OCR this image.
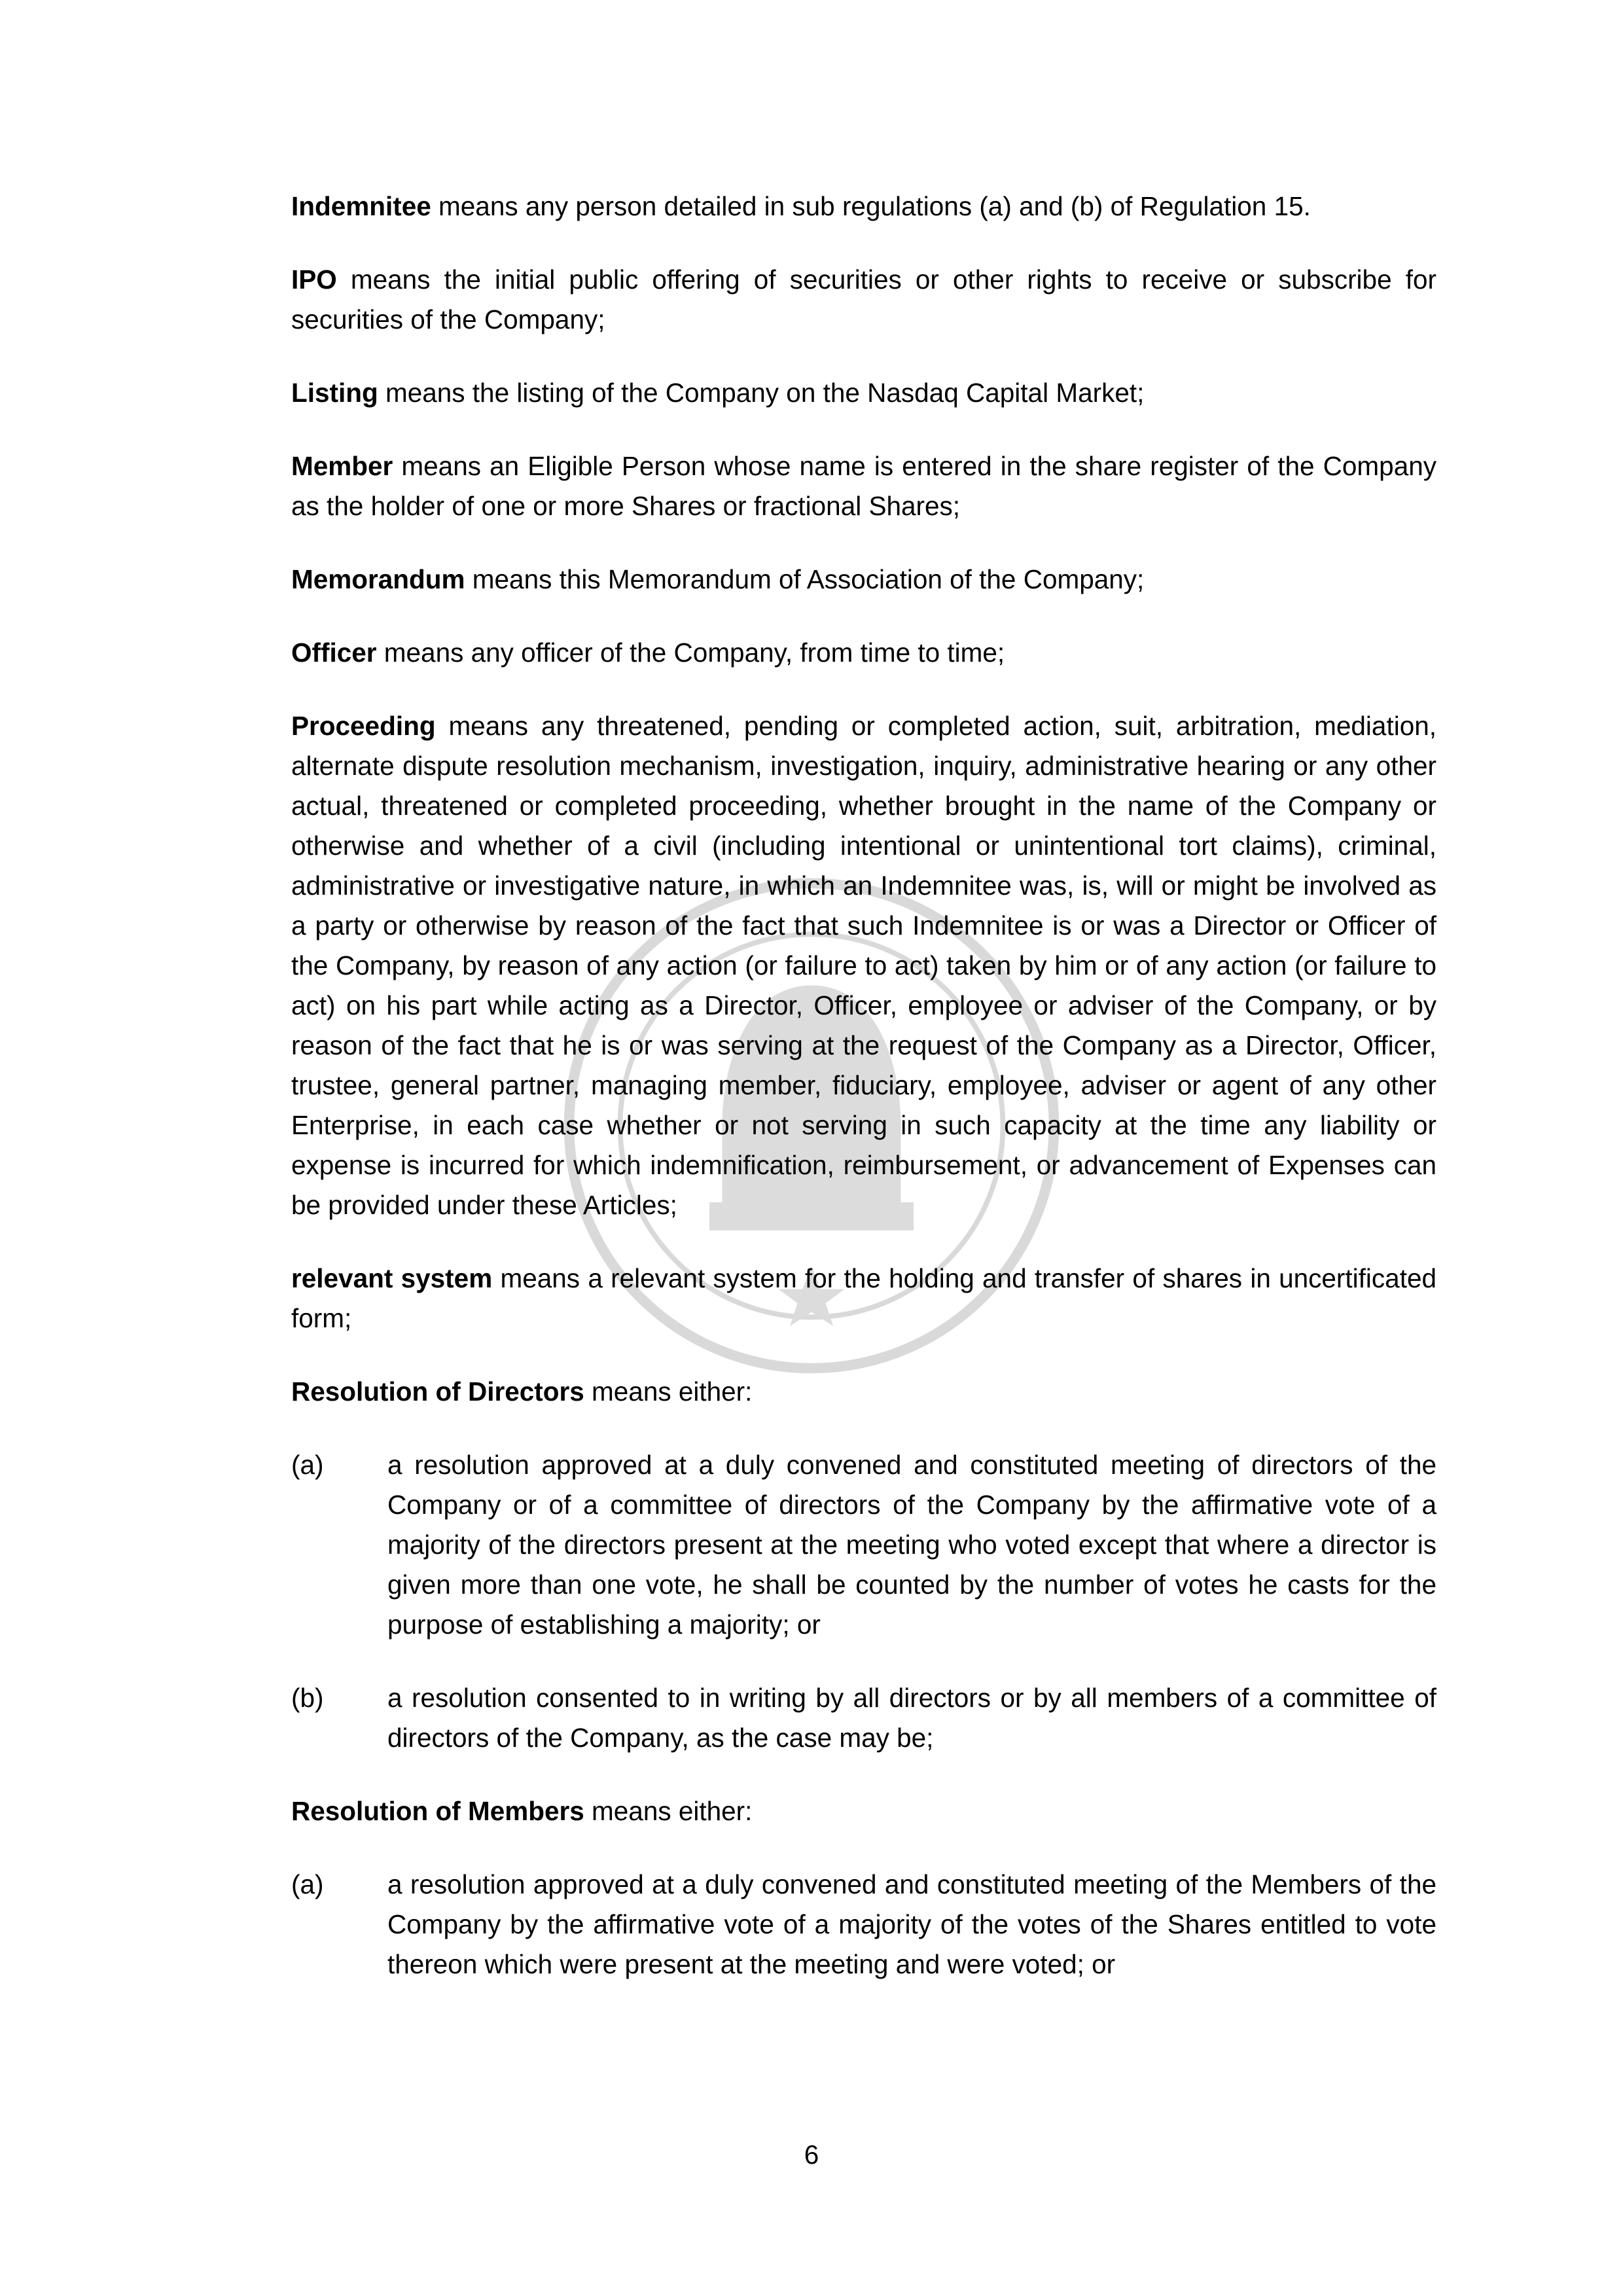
Indemnitee means any person detailed in sub regulations (a) and (b) of Regulation 15.

IPO means the initial public offering of securities or other rights to receive or subscribe for securities of the Company;

Listing means the listing of the Company on the Nasdaq Capital Market;

Member means an Eligible Person whose name is entered in the share register of the Company as the holder of one or more Shares or fractional Shares;

Memorandum means this Memorandum of Association of the Company;

Officer means any officer of the Company, from time to time;

Proceeding means any threatened, pending or completed action, suit, arbitration, mediation, alternate dispute resolution mechanism, investigation, inquiry, administrative hearing or any other actual, threatened or completed proceeding, whether brought in the name of the Company or otherwise and whether of a civil (including intentional or unintentional tort claims), criminal, administrative or investigative nature, in which an Indemnitee was, is, will or might be involved as a party or otherwise by reason of the fact that such Indemnitee is or was a Director or Officer of the Company, by reason of any action (or failure to act) taken by him or of any action (or failure to act) on his part while acting as a Director, Officer, employee or adviser of the Company, or by reason of the fact that he is or was serving at the request of the Company as a Director, Officer, trustee, general partner, managing member, fiduciary, employee, adviser or agent of any other Enterprise, in each case whether or not serving in such capacity at the time any liability or expense is incurred for which indemnification, reimbursement, or advancement of Expenses can be provided under these Articles;

relevant system means a relevant system for the holding and transfer of shares in uncertificated form;

Resolution of Directors means either:

(a)	a resolution approved at a duly convened and constituted meeting of directors of the Company or of a committee of directors of the Company by the affirmative vote of a majority of the directors present at the meeting who voted except that where a director is given more than one vote, he shall be counted by the number of votes he casts for the purpose of establishing a majority; or
(b)	a resolution consented to in writing by all directors or by all members of a committee of directors of the Company, as the case may be;

Resolution of Members means either:

(a)	a resolution approved at a duly convened and constituted meeting of the Members of the Company by the affirmative vote of a majority of the votes of the Shares entitled to vote thereon which were present at the meeting and were voted; or
6
